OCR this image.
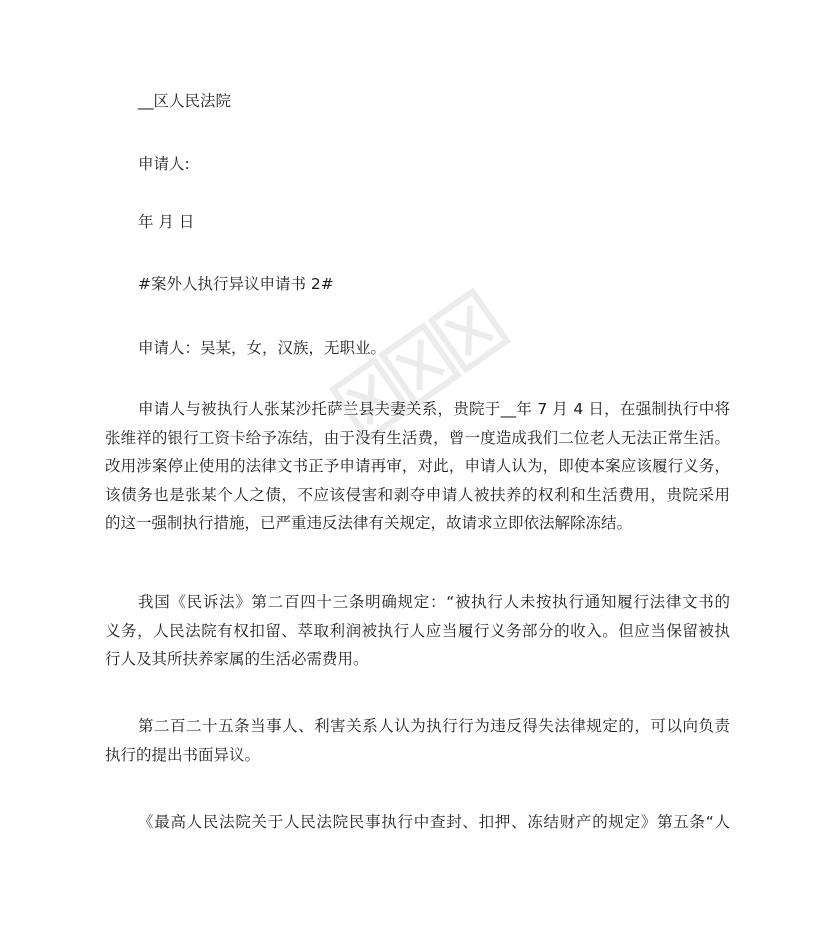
__区人民法院
申请人:
年 月 日
#案外人执行异议申请书 2#
申请人：吴某，女，汉族，无职业。
申请人与被执行人张某沙托萨兰县夫妻关系，贵院于__年 7 月 4 日，在强制执行中将
张维祥的银行工资卡给予冻结，由于没有生活费，曾一度造成我们二位老人无法正常生活。
改用涉案停止使用的法律文书正予申请再审，对此，申请人认为，即使本案应该履行义务，
该债务也是张某个人之债，不应该侵害和剥夺申请人被扶养的权利和生活费用，贵院采用
的这一强制执行措施，已严重违反法律有关规定，故请求立即依法解除冻结。
我国《民诉法》第二百四十三条明确规定：“被执行人未按执行通知履行法律文书的
义务，人民法院有权扣留、萃取利润被执行人应当履行义务部分的收入。但应当保留被执
行人及其所扶养家属的生活必需费用。
第二百二十五条当事人、利害关系人认为执行行为违反得失法律规定的，可以向负责
执行的提出书面异议。
《最高人民法院关于人民法院民事执行中查封、扣押、冻结财产的规定》第五条“人
